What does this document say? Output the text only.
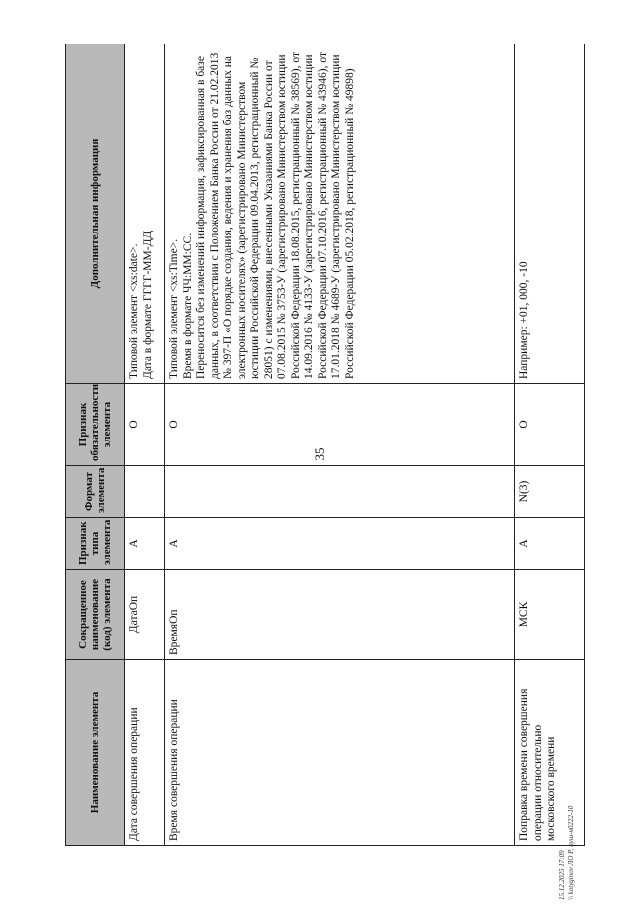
35
Наименование элемента	Сокращенное наименование (код) элемента	Признак типа элемента	Формат элемента	Признак обязательности элемента	Дополнительная информация
Дата совершения операции	ДатаОп	А		О	Типовой элемент <xs:date>. Дата в формате ГГГГ-ММ-ДД

Время совершения операции	ВремяОп	А		О	Типовой элемент <xs:Time>. Время в формате ЧЧ:ММ:СС. Переносится без изменений информация, зафиксированная в базе данных, в соответствии с Положением Банка России от 21.02.2013 № 397-П «О порядке создания, ведения и хранения баз данных на электронных носителях» (зарегистрировано Министерством юстиции Российской Федерации 09.04.2013, регистрационный № 28051) с изменениями, внесенными Указаниями Банка России от 07.08.2015 № 3753-У (зарегистрировано Министерством юстиции Российской Федерации 18.08.2015, регистрационный № 38569), от 14.09.2016 № 4133-У (зарегистрировано Министерством юстиции Российской Федерации 07.10.2016, регистрационный № 43946), от 17.01.2018 № 4689-У (зарегистрировано Министерством юстиции Российской Федерации 05.02.2018, регистрационный № 49898)

Поправка времени совершения операции относительно московского времени	МСК	А	N(3)	О	Например: +01, 000, -10
15.12.2025 17:09 \\ kotyginov ЛО Р, пуш-н0222-10
